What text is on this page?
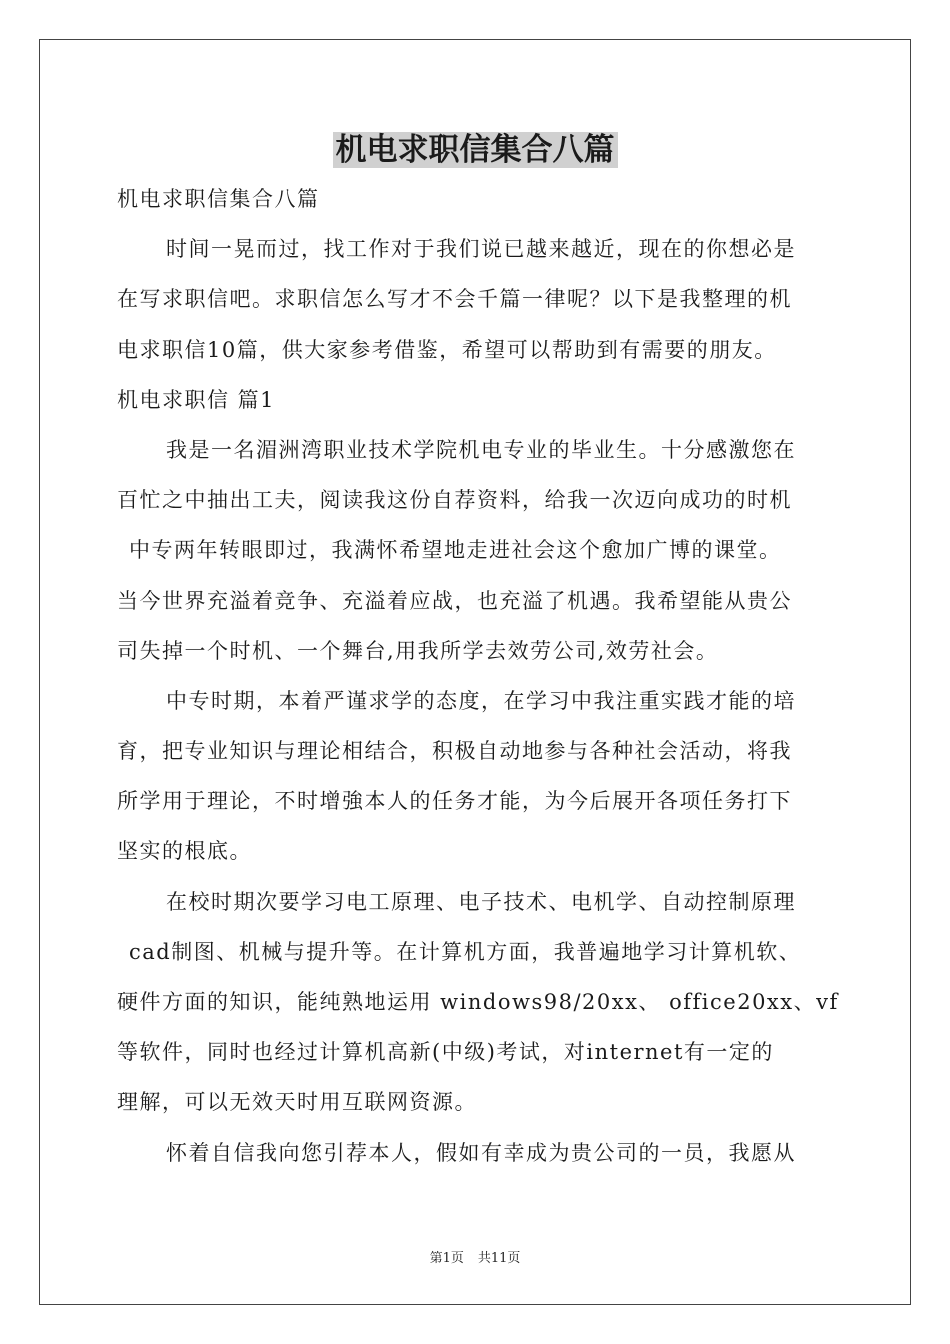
机电求职信集合八篇
机电求职信集合八篇
时间一晃而过，找工作对于我们说已越来越近，现在的你想必是
在写求职信吧。求职信怎么写才不会千篇一律呢？以下是我整理的机
电求职信10篇，供大家参考借鉴，希望可以帮助到有需要的朋友。
机电求职信 篇1
我是一名湄洲湾职业技术学院机电专业的毕业生。十分感激您在
百忙之中抽出工夫，阅读我这份自荐资料，给我一次迈向成功的时机
中专两年转眼即过，我满怀希望地走进社会这个愈加广博的课堂。
当今世界充溢着竞争、充溢着应战，也充溢了机遇。我希望能从贵公
司失掉一个时机、一个舞台,用我所学去效劳公司,效劳社会。
中专时期，本着严谨求学的态度，在学习中我注重实践才能的培
育，把专业知识与理论相结合，积极自动地参与各种社会活动，将我
所学用于理论，不时增強本人的任务才能，为今后展开各项任务打下
坚实的根底。
在校时期次要学习电工原理、电子技术、电机学、自动控制原理
cad制图、机械与提升等。在计算机方面，我普遍地学习计算机软、
硬件方面的知识，能纯熟地运用 windows98/20xx、 office20xx、vf
等软件，同时也经过计算机高新(中级)考试，对internet有一定的
理解，可以无效天时用互联网资源。
怀着自信我向您引荐本人，假如有幸成为贵公司的一员，我愿从
第1页 共11页
